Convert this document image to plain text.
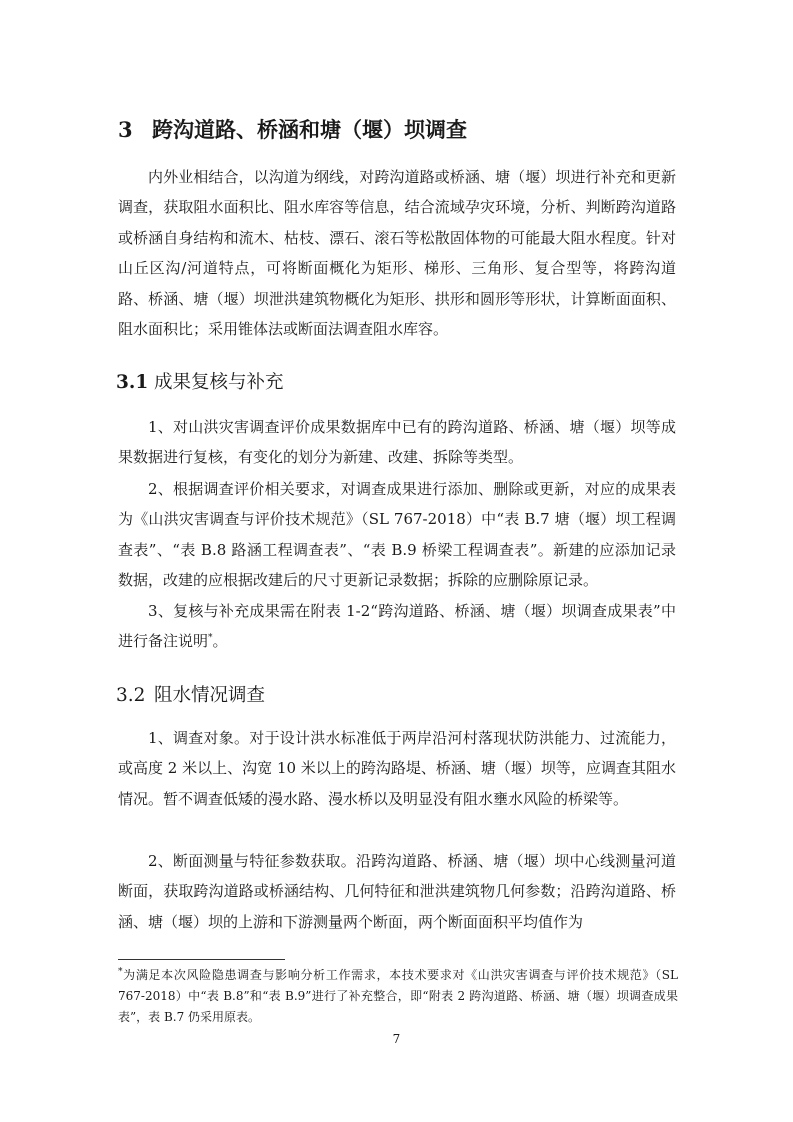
3 跨沟道路、桥涵和塘（堰）坝调查

内外业相结合，以沟道为纲线，对跨沟道路或桥涵、塘（堰）坝进行补充和更新调查，获取阻水面积比、阻水库容等信息，结合流域孕灾环境，分析、判断跨沟道路或桥涵自身结构和流木、枯枝、漂石、滚石等松散固体物的可能最大阻水程度。针对山丘区沟/河道特点，可将断面概化为矩形、梯形、三角形、复合型等，将跨沟道路、桥涵、塘（堰）坝泄洪建筑物概化为矩形、拱形和圆形等形状，计算断面面积、阻水面积比；采用锥体法或断面法调查阻水库容。

3.1 成果复核与补充

1、对山洪灾害调查评价成果数据库中已有的跨沟道路、桥涵、塘（堰）坝等成果数据进行复核，有变化的划分为新建、改建、拆除等类型。

2、根据调查评价相关要求，对调查成果进行添加、删除或更新，对应的成果表为《山洪灾害调查与评价技术规范》（SL 767-2018）中“表 B.7 塘（堰）坝工程调查表”、“表 B.8 路涵工程调查表”、“表 B.9 桥梁工程调查表”。新建的应添加记录数据，改建的应根据改建后的尺寸更新记录数据；拆除的应删除原记录。

3、复核与补充成果需在附表 1-2“跨沟道路、桥涵、塘（堰）坝调查成果表”中进行备注说明*。

3.2 阻水情况调查

1、调查对象。对于设计洪水标准低于两岸沿河村落现状防洪能力、过流能力，或高度 2 米以上、沟宽 10 米以上的跨沟路堤、桥涵、塘（堰）坝等，应调查其阻水情况。暂不调查低矮的漫水路、漫水桥以及明显没有阻水壅水风险的桥梁等。

2、断面测量与特征参数获取。沿跨沟道路、桥涵、塘（堰）坝中心线测量河道断面，获取跨沟道路或桥涵结构、几何特征和泄洪建筑物几何参数；沿跨沟道路、桥涵、塘（堰）坝的上游和下游测量两个断面，两个断面面积平均值作为

*为满足本次风险隐患调查与影响分析工作需求，本技术要求对《山洪灾害调查与评价技术规范》（SL 767-2018）中“表 B.8”和“表 B.9”进行了补充整合，即“附表 2 跨沟道路、桥涵、塘（堰）坝调查成果表”，表 B.7 仍采用原表。

7
